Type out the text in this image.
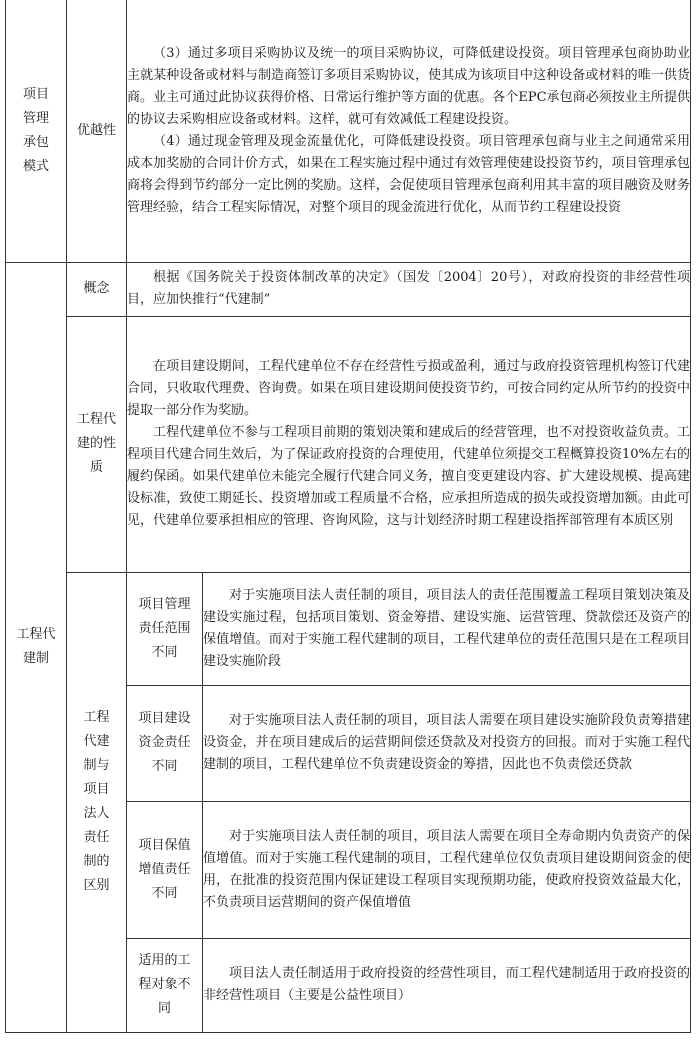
项目管理承包模式	优越性	（3）通过多项目采购协议及统一的项目采购协议，可降低建设投资。项目管理承包商协助业主就某种设备或材料与制造商签订多项目采购协议，使其成为该项目中这种设备或材料的唯一供货商。业主可通过此协议获得价格、日常运行维护等方面的优惠。各个EPC承包商必须按业主所提供的协议去采购相应设备或材料。这样，就可有效减低工程建设投资。

（4）通过现金管理及现金流量优化，可降低建设投资。项目管理承包商与业主之间通常采用成本加奖励的合同计价方式，如果在工程实施过程中通过有效管理使建设投资节约，项目管理承包商将会得到节约部分一定比例的奖励。这样，会促使项目管理承包商利用其丰富的项目融资及财务管理经验，结合工程实际情况，对整个项目的现金流进行优化，从而节约工程建设投资	

工程代建制	概念	根据《国务院关于投资体制改革的决定》（国发〔2004〕20号），对政府投资的非经营性项目，应加快推行“代建制”	

	工程代建的性质	在项目建设期间，工程代建单位不存在经营性亏损或盈利，通过与政府投资管理机构签订代建合同，只收取代理费、咨询费。如果在项目建设期间使投资节约，可按合同约定从所节约的投资中提取一部分作为奖励。

工程代建单位不参与工程项目前期的策划决策和建成后的经营管理，也不对投资收益负责。工程项目代建合同生效后，为了保证政府投资的合理使用，代建单位须提交工程概算投资10%左右的履约保函。如果代建单位未能完全履行代建合同义务，擅自变更建设内容、扩大建设规模、提高建设标准，致使工期延长、投资增加或工程质量不合格，应承担所造成的损失或投资增加额。由此可见，代建单位要承担相应的管理、咨询风险，这与计划经济时期工程建设指挥部管理有本质区别	

	工程代建制与项目法人责任制的区别	项目管理责任范围不同	对于实施项目法人责任制的项目，项目法人的责任范围覆盖工程项目策划决策及建设实施过程，包括项目策划、资金筹措、建设实施、运营管理、贷款偿还及资产的保值增值。而对于实施工程代建制的项目，工程代建单位的责任范围只是在工程项目建设实施阶段

		项目建设资金责任不同	对于实施项目法人责任制的项目，项目法人需要在项目建设实施阶段负责筹措建设资金，并在项目建成后的运营期间偿还贷款及对投资方的回报。而对于实施工程代建制的项目，工程代建单位不负责建设资金的筹措，因此也不负责偿还贷款

		项目保值增值责任不同	对于实施项目法人责任制的项目，项目法人需要在项目全寿命期内负责资产的保值增值。而对于实施工程代建制的项目，工程代建单位仅负责项目建设期间资金的使用，在批准的投资范围内保证建设工程项目实现预期功能，使政府投资效益最大化，不负责项目运营期间的资产保值增值

		适用的工程对象不同	项目法人责任制适用于政府投资的经营性项目，而工程代建制适用于政府投资的非经营性项目（主要是公益性项目）
